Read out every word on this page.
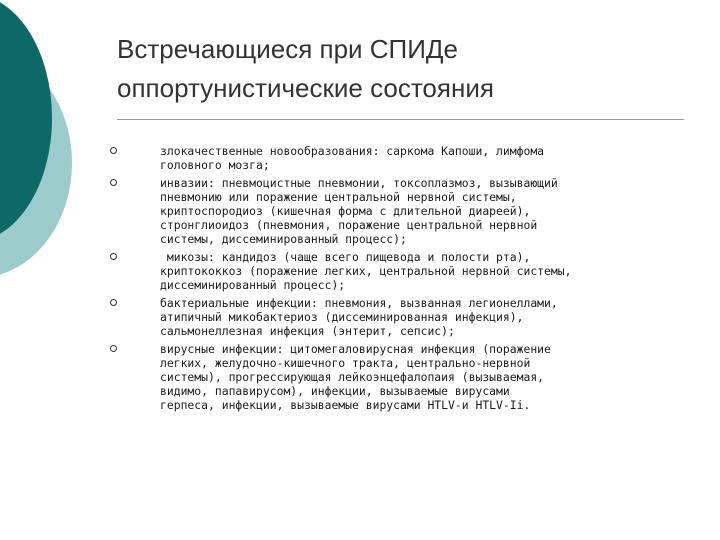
Встречающиеся при СПИДе
оппортунистические состояния
злокачественные новообразования: саркома Капоши, лимфома
головного мозга;
инвазии: пневмоцистные пневмонии, токсоплазмоз, вызывающий
пневмонию или поражение центральной нервной системы,
криптоспородиоз (кишечная форма с длительной диареей),
стронглиоидоз (пневмония, поражение центральной нервной
системы, диссеминированный процесс);
микозы: кандидоз (чаще всего пищевода и полости рта),
криптококкоз (поражение легких, центральной нервной системы,
диссеминированный процесс);
бактериальные инфекции: пневмония, вызванная легионеллами,
атипичный микобактериоз (диссеминированная инфекция),
сальмонеллезная инфекция (энтерит, сепсис);
вирусные инфекции: цитомегаловирусная инфекция (поражение
легких, желудочно-кишечного тракта, центрально-нервной
системы), прогрессирующая лейкоэнцефалопаия (вызываемая,
видимо, папавирусом), инфекции, вызываемые вирусами
герпеса, инфекции, вызываемые вирусами HTLV-и HTLV-Ii.
